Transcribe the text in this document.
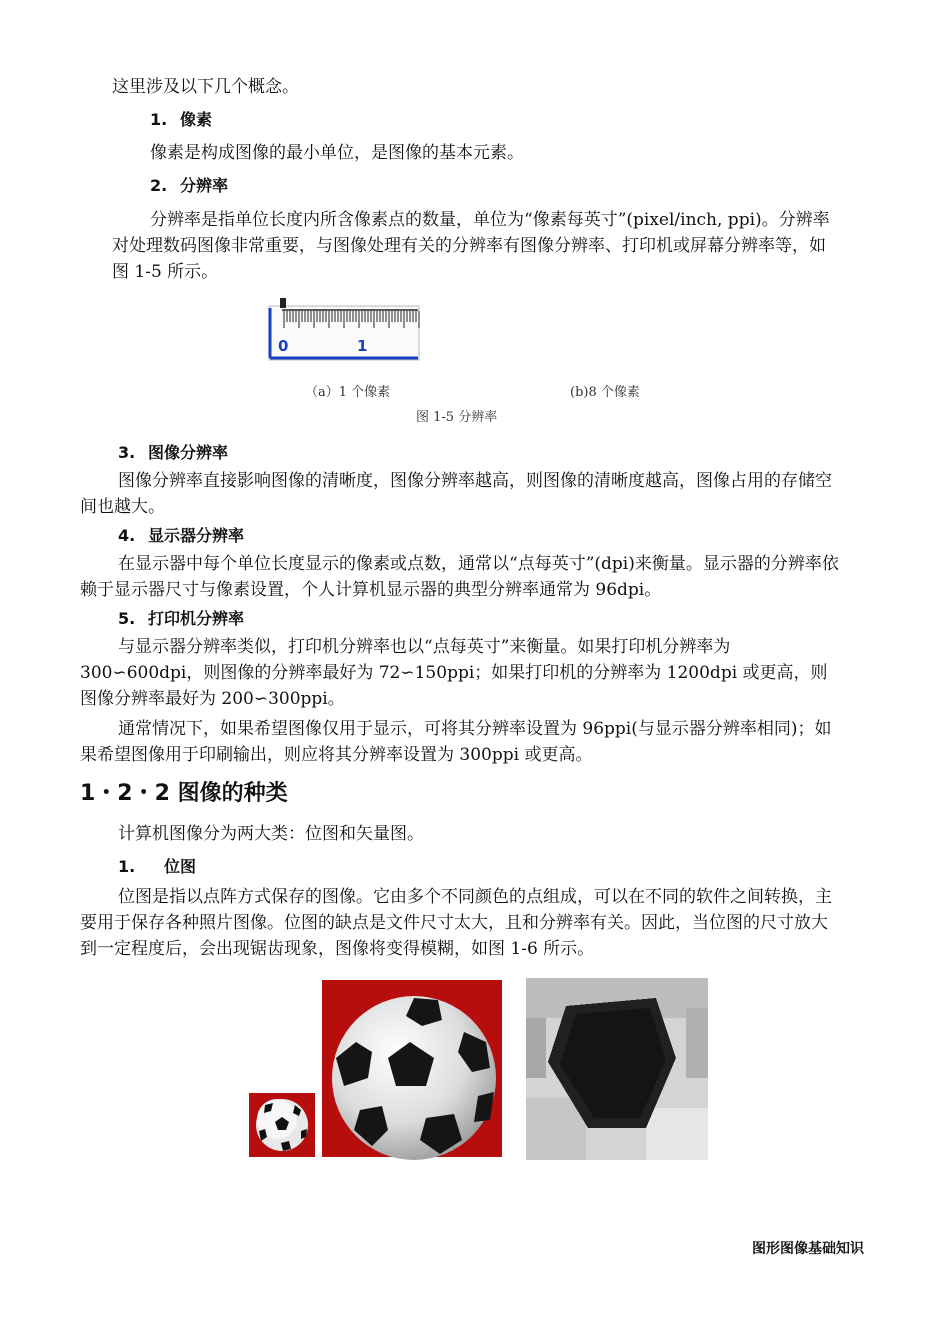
这里涉及以下几个概念。

1. 像素

像素是构成图像的最小单位，是图像的基本元素。

2. 分辨率

分辨率是指单位长度内所含像素点的数量，单位为“像素每英寸”(pixel/inch, ppi)。分辨率对处理数码图像非常重要，与图像处理有关的分辨率有图像分辨率、打印机或屏幕分辨率等，如图 1-5 所示。

0	1
（a）1 个像素	(b)8 个像素
图 1-5 分辨率

3. 图像分辨率

图像分辨率直接影响图像的清晰度，图像分辨率越高，则图像的清晰度越高，图像占用的存储空间也越大。

4. 显示器分辨率

在显示器中每个单位长度显示的像素或点数，通常以“点每英寸”(dpi)来衡量。显示器的分辨率依赖于显示器尺寸与像素设置，个人计算机显示器的典型分辨率通常为 96dpi。

5. 打印机分辨率

与显示器分辨率类似，打印机分辨率也以“点每英寸”来衡量。如果打印机分辨率为 300∽600dpi，则图像的分辨率最好为 72∽150ppi；如果打印机的分辨率为 1200dpi 或更高，则图像分辨率最好为 200∽300ppi。

通常情况下，如果希望图像仅用于显示，可将其分辨率设置为 96ppi(与显示器分辨率相同)；如果希望图像用于印刷输出，则应将其分辨率设置为 300ppi 或更高。

1・2・2 图像的种类

计算机图像分为两大类：位图和矢量图。

1. 位图

位图是指以点阵方式保存的图像。它由多个不同颜色的点组成，可以在不同的软件之间转换，主要用于保存各种照片图像。位图的缺点是文件尺寸太大，且和分辨率有关。因此，当位图的尺寸放大到一定程度后，会出现锯齿现象，图像将变得模糊，如图 1-6 所示。

图形图像基础知识
